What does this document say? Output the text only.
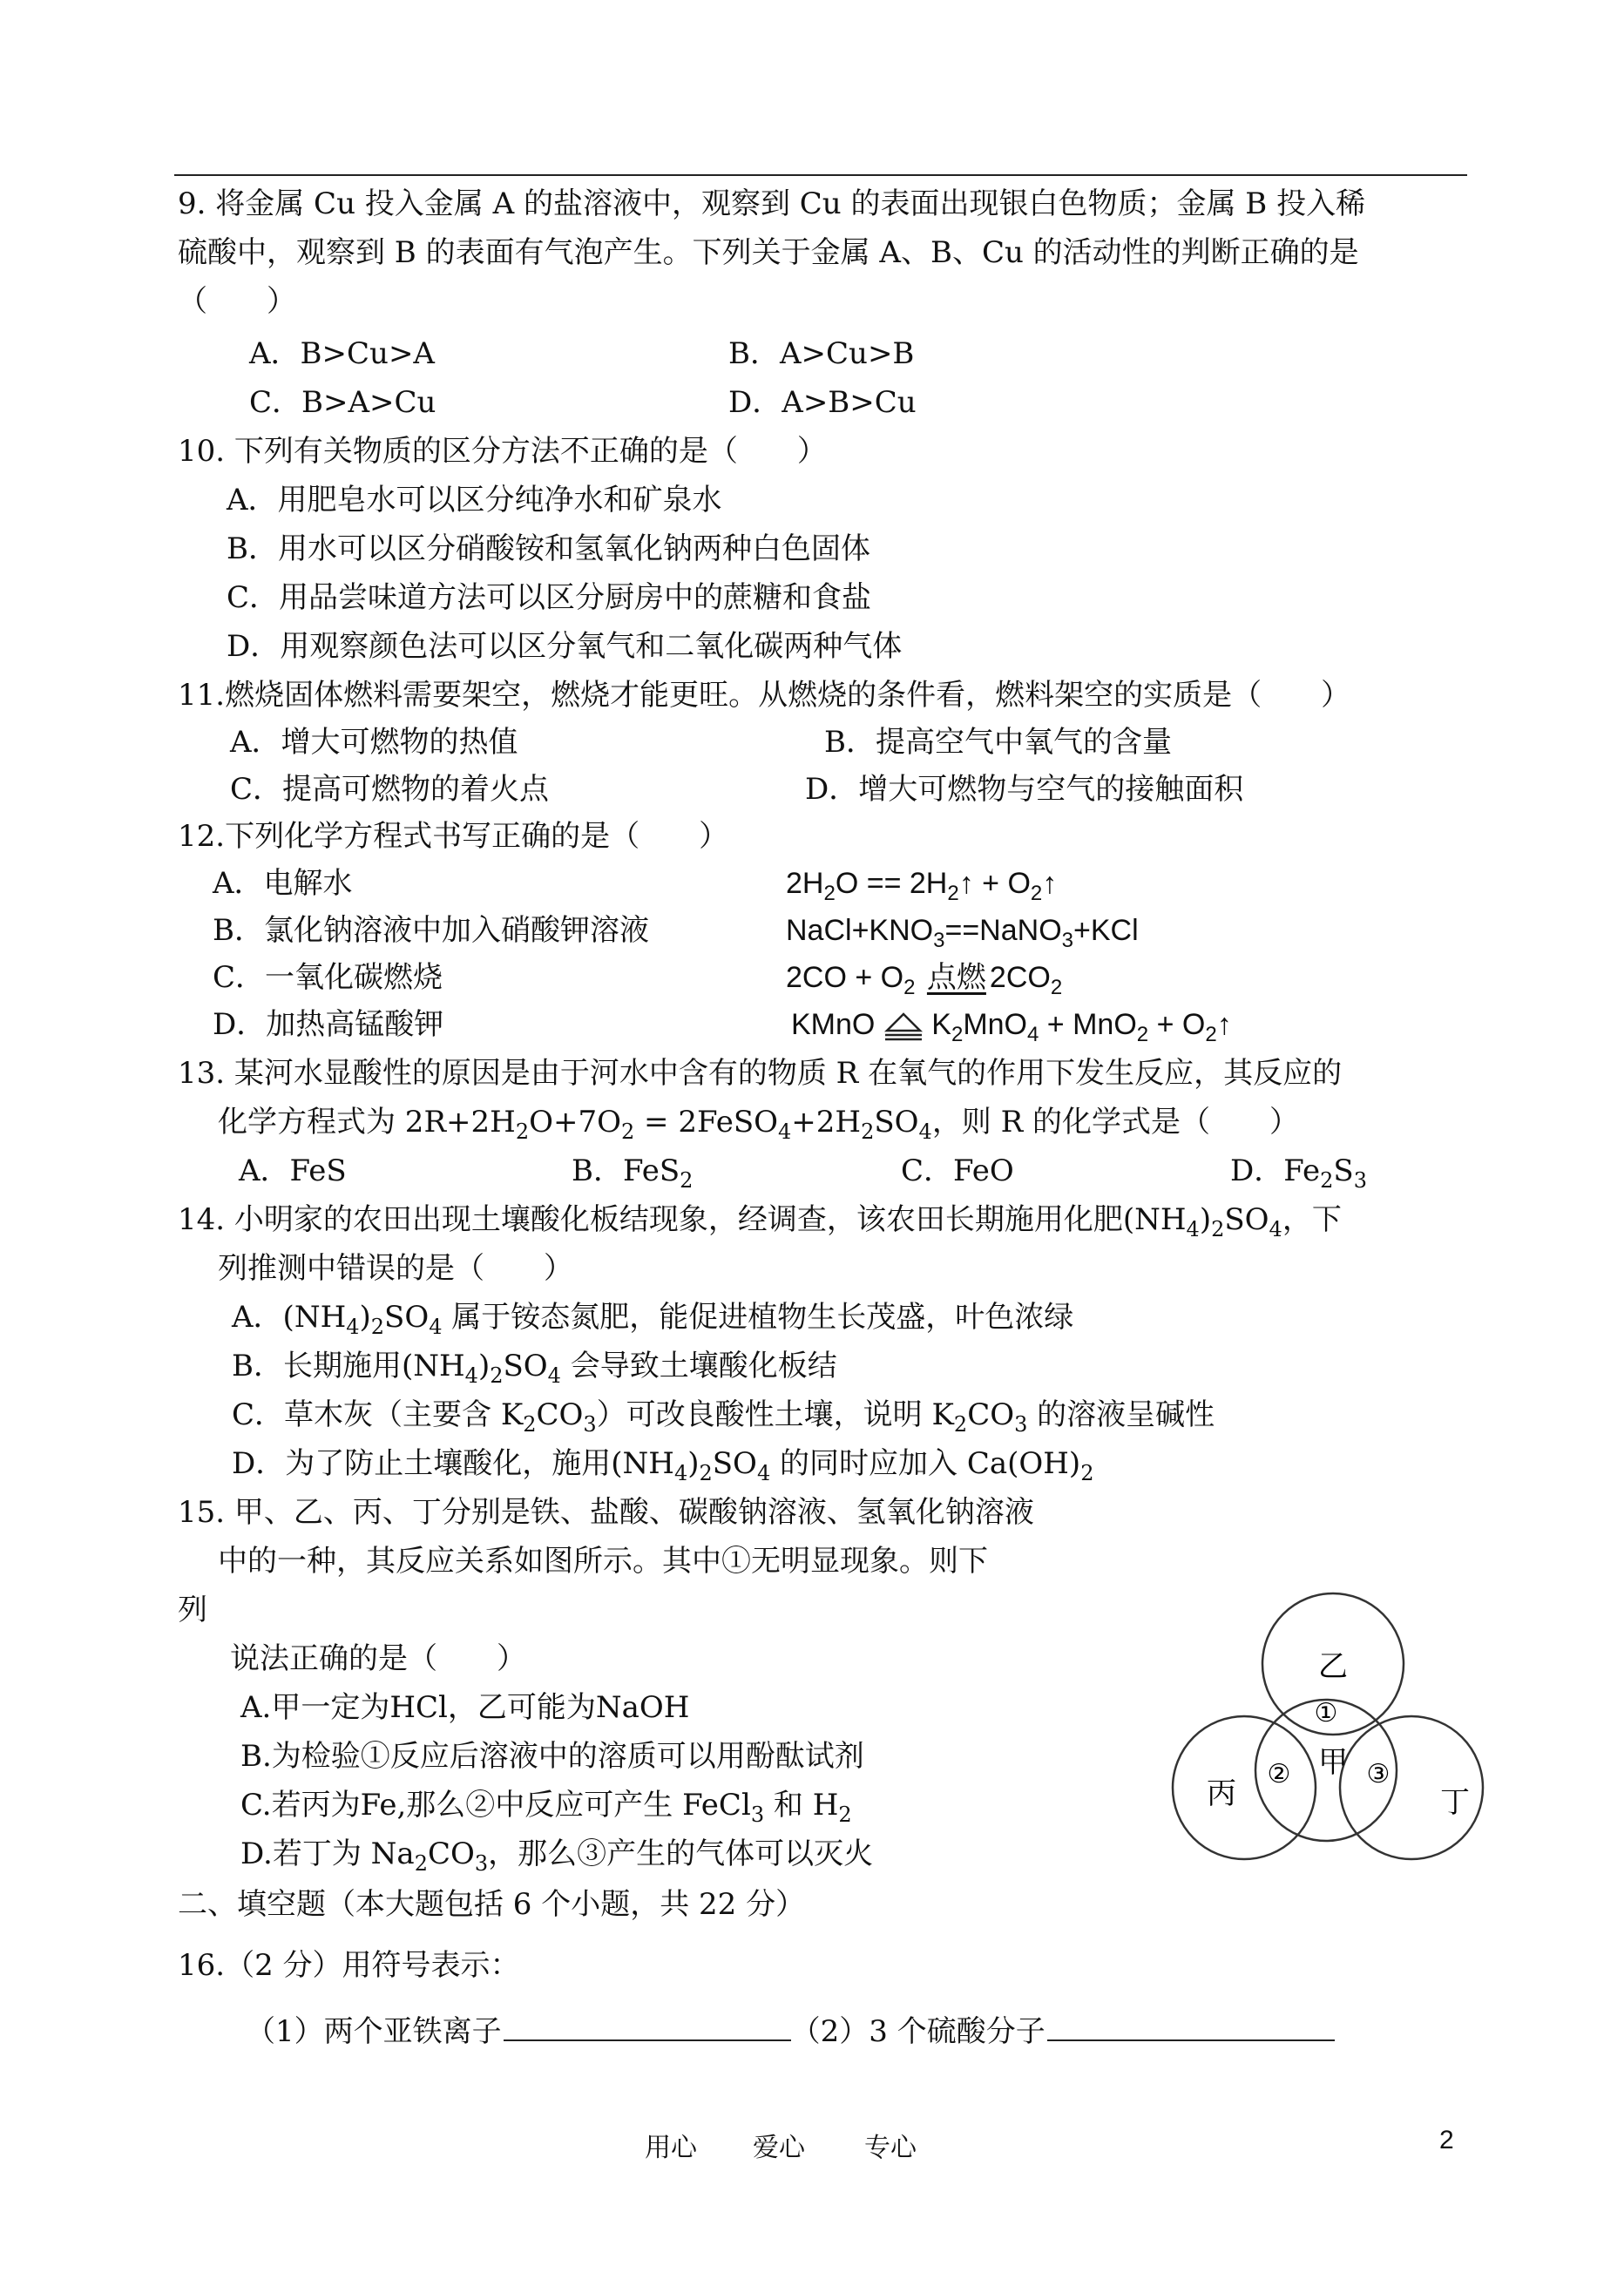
9. 将金属 Cu 投入金属 A 的盐溶液中，观察到 Cu 的表面出现银白色物质；金属 B 投入稀
硫酸中，观察到 B 的表面有气泡产生。下列关于金属 A、B、Cu 的活动性的判断正确的是
（　　）
A．B>Cu>A	B．A>Cu>B
C．B>A>Cu	D．A>B>Cu
10. 下列有关物质的区分方法不正确的是（　　）
A．用肥皂水可以区分纯净水和矿泉水
B．用水可以区分硝酸铵和氢氧化钠两种白色固体
C．用品尝味道方法可以区分厨房中的蔗糖和食盐
D．用观察颜色法可以区分氧气和二氧化碳两种气体
11.燃烧固体燃料需要架空，燃烧才能更旺。从燃烧的条件看，燃料架空的实质是（　　）
A．增大可燃物的热值	B．提高空气中氧气的含量
C．提高可燃物的着火点	D．增大可燃物与空气的接触面积
12.下列化学方程式书写正确的是（　　）
A．电解水	$2H_2O$ == $2H_2↑$ + $O_2↑$
B．氯化钠溶液中加入硝酸钾溶液	$NaCl+KNO_3==NaNO_3+KCl$
C．一氧化碳燃烧	$2CO + O_2$ 点燃 $2CO_2$
D．加热高锰酸钾	KMnO $K_2MnO_4 + MnO_2$ + $O_2↑$
13. 某河水显酸性的原因是由于河水中含有的物质 R 在氧气的作用下发生反应，其反应的
化学方程式为 $2R+2H_2O+7O_2$ = $2FeSO_4+2H_2SO_4$，则 R 的化学式是（　　）
A．FeS	B．FeS$_2$	C．FeO	D．$Fe_2S_3$
14. 小明家的农田出现土壤酸化板结现象，经调查，该农田长期施用化肥$(NH_4)_2SO_4$，下
列推测中错误的是（　　）
A．$(NH_4)_2SO_4$ 属于铵态氮肥，能促进植物生长茂盛，叶色浓绿
B．长期施用$(NH_4)_2SO_4$ 会导致土壤酸化板结
C．草木灰（主要含 $K_2CO_3$）可改良酸性土壤，说明 $K_2CO_3$ 的溶液呈碱性
D．为了防止土壤酸化，施用$(NH_4)_2SO_4$ 的同时应加入 $Ca(OH)_2$
15. 甲、乙、丙、丁分别是铁、盐酸、碳酸钠溶液、氢氧化钠溶液
中的一种，其反应关系如图所示。其中①无明显现象。则下
列
说法正确的是（　　）
A.甲一定为HCl，乙可能为NaOH
B.为检验①反应后溶液中的溶质可以用酚酞试剂
C.若丙为Fe,那么②中反应可产生 FeCl$_3$ 和 $H_2$
D.若丁为 $Na_2CO_3$，那么③产生的气体可以灭火
乙
甲
丙	丁
①
②	③
二、填空题（本大题包括 6 个小题，共 22 分）
16.（2 分）用符号表示：
（1）两个亚铁离子	（2）3 个硫酸分子
用心 爱心 专心	2
